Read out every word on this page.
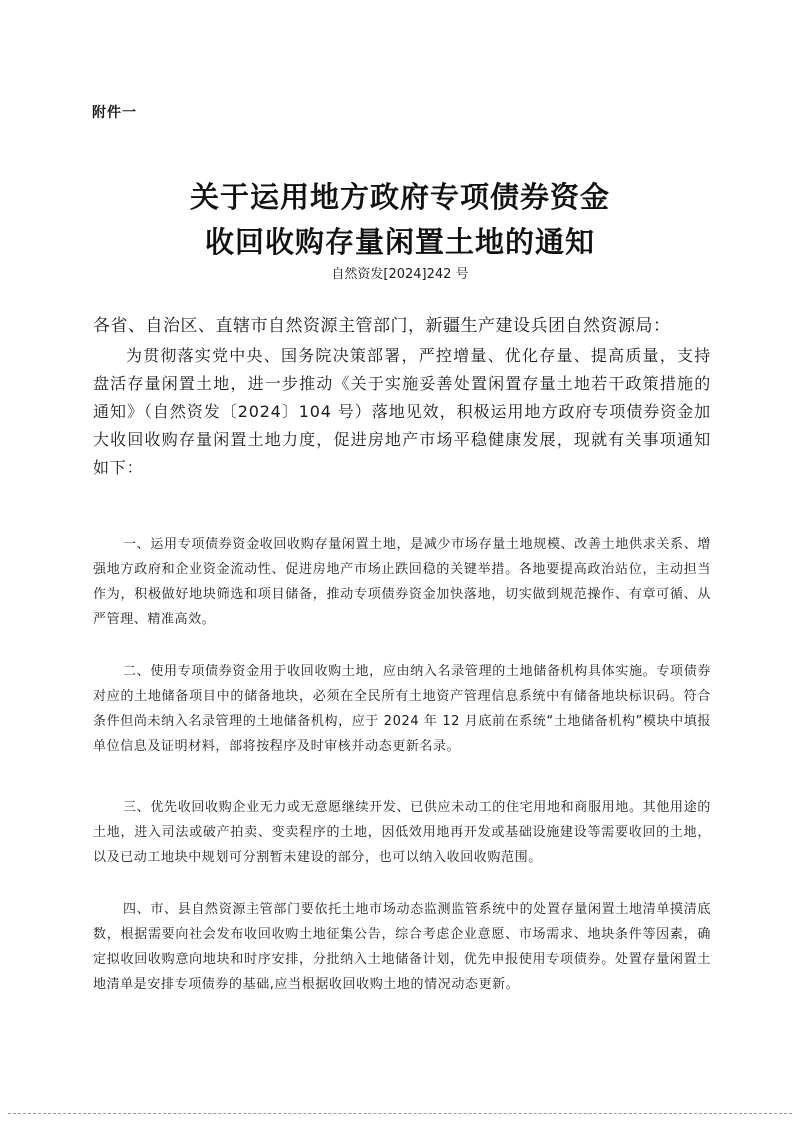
附件一
关于运用地方政府专项债券资金
收回收购存量闲置土地的通知
自然资发[2024]242 号
各省、自治区、直辖市自然资源主管部门，新疆生产建设兵团自然资源局：

为贯彻落实党中央、国务院决策部署，严控增量、优化存量、提高质量，支持盘活存量闲置土地，进一步推动《关于实施妥善处置闲置存量土地若干政策措施的通知》（自然资发〔2024〕104 号）落地见效，积极运用地方政府专项债券资金加大收回收购存量闲置土地力度，促进房地产市场平稳健康发展，现就有关事项通知如下：

一、运用专项债券资金收回收购存量闲置土地，是减少市场存量土地规模、改善土地供求关系、增强地方政府和企业资金流动性、促进房地产市场止跌回稳的关键举措。各地要提高政治站位，主动担当作为，积极做好地块筛选和项目储备，推动专项债券资金加快落地，切实做到规范操作、有章可循、从严管理、精准高效。

二、使用专项债券资金用于收回收购土地，应由纳入名录管理的土地储备机构具体实施。专项债券对应的土地储备项目中的储备地块，必须在全民所有土地资产管理信息系统中有储备地块标识码。符合条件但尚未纳入名录管理的土地储备机构，应于 2024 年 12 月底前在系统“土地储备机构”模块中填报单位信息及证明材料，部将按程序及时审核并动态更新名录。

三、优先收回收购企业无力或无意愿继续开发、已供应未动工的住宅用地和商服用地。其他用途的土地，进入司法或破产拍卖、变卖程序的土地，因低效用地再开发或基础设施建设等需要收回的土地，以及已动工地块中规划可分割暂未建设的部分，也可以纳入收回收购范围。

四、市、县自然资源主管部门要依托土地市场动态监测监管系统中的处置存量闲置土地清单摸清底数，根据需要向社会发布收回收购土地征集公告，综合考虑企业意愿、市场需求、地块条件等因素，确定拟收回收购意向地块和时序安排，分批纳入土地储备计划，优先申报使用专项债券。处置存量闲置土地清单是安排专项债券的基础,应当根据收回收购土地的情况动态更新。
